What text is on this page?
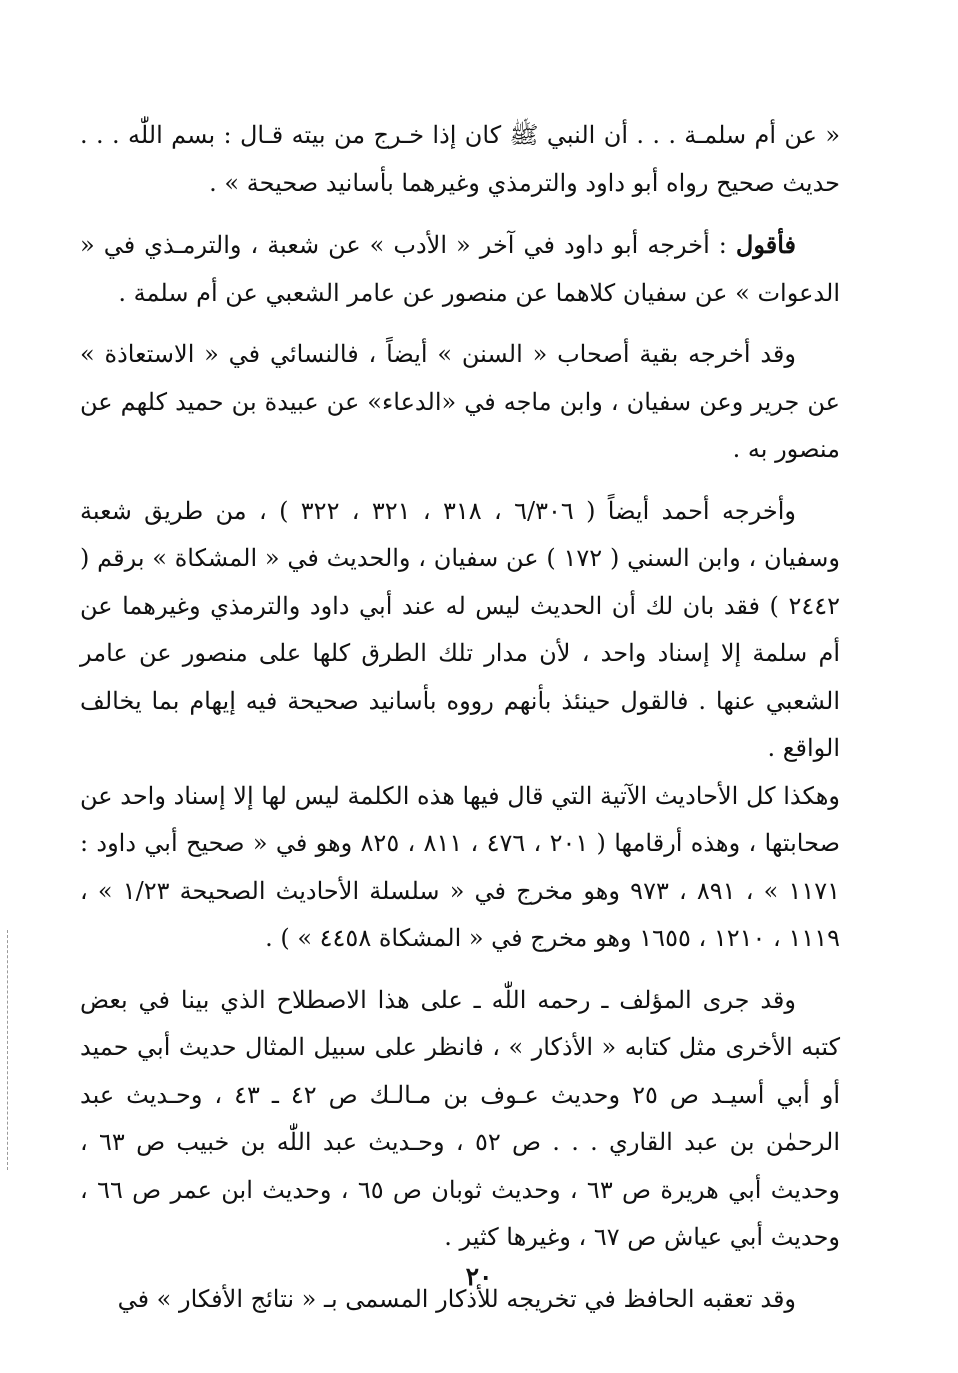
« عن أم سلمـة . . . أن النبي ﷺ كان إذا خـرج من بيته قـال : بسم اللّٰه . . . حديث صحيح رواه أبو داود والترمذي وغيرهما بأسانيد صحيحة » .

فأقول : أخرجه أبو داود في آخر « الأدب » عن شعبة ، والترمـذي في « الدعوات » عن سفيان كلاهما عن منصور عن عامر الشعبي عن أم سلمة .

وقد أخرجه بقية أصحاب « السنن » أيضاً ، فالنسائي في « الاستعاذة » عن جرير وعن سفيان ، وابن ماجه في «الدعاء» عن عبيدة بن حميد كلهم عن منصور به .

وأخرجه أحمد أيضاً ( ٦/٣٠٦ ، ٣١٨ ، ٣٢١ ، ٣٢٢ ) ، من طريق شعبة وسفيان ، وابن السني ( ١٧٢ ) عن سفيان ، والحديث في « المشكاة » برقم ( ٢٤٤٢ ) فقد بان لك أن الحديث ليس له عند أبي داود والترمذي وغيرهما عن أم سلمة إلا إسناد واحد ، لأن مدار تلك الطرق كلها على منصور عن عامر الشعبي عنها . فالقول حينئذ بأنهم رووه بأسانيد صحيحة فيه إيهام بما يخالف الواقع .

وهكذا كل الأحاديث الآتية التي قال فيها هذه الكلمة ليس لها إلا إسناد واحد عن صحابتها ، وهذه أرقامها ( ٢٠١ ، ٤٧٦ ، ٨١١ ، ٨٢٥ وهو في « صحيح أبي داود : ١١٧١ » ، ٨٩١ ، ٩٧٣ وهو مخرج في « سلسلة الأحاديث الصحيحة ١/٢٣ » ، ١١١٩ ، ١٢١٠ ، ١٦٥٥ وهو مخرج في « المشكاة ٤٤٥٨ » ) .

وقد جرى المؤلف ـ رحمه اللّٰه ـ على هذا الاصطلاح الذي بينا في بعض كتبه الأخرى مثل كتابه « الأذكار » ، فانظر على سبيل المثال حديث أبي حميد أو أبي أسيـد ص ٢٥ وحديث عـوف بن مـالـك ص ٤٢ ـ ٤٣ ، وحـديث عبد الرحمٰن بن عبد القاري . . . ص ٥٢ ، وحـديث عبد اللّٰه بن خبيب ص ٦٣ ، وحديث أبي هريرة ص ٦٣ ، وحديث ثوبان ص ٦٥ ، وحديث ابن عمر ص ٦٦ ، وحديث أبي عياش ص ٦٧ ، وغيرها كثير .

وقد تعقبه الحافظ في تخريجه للأذكار المسمى بـ « نتائج الأفكار » في

٢٠
